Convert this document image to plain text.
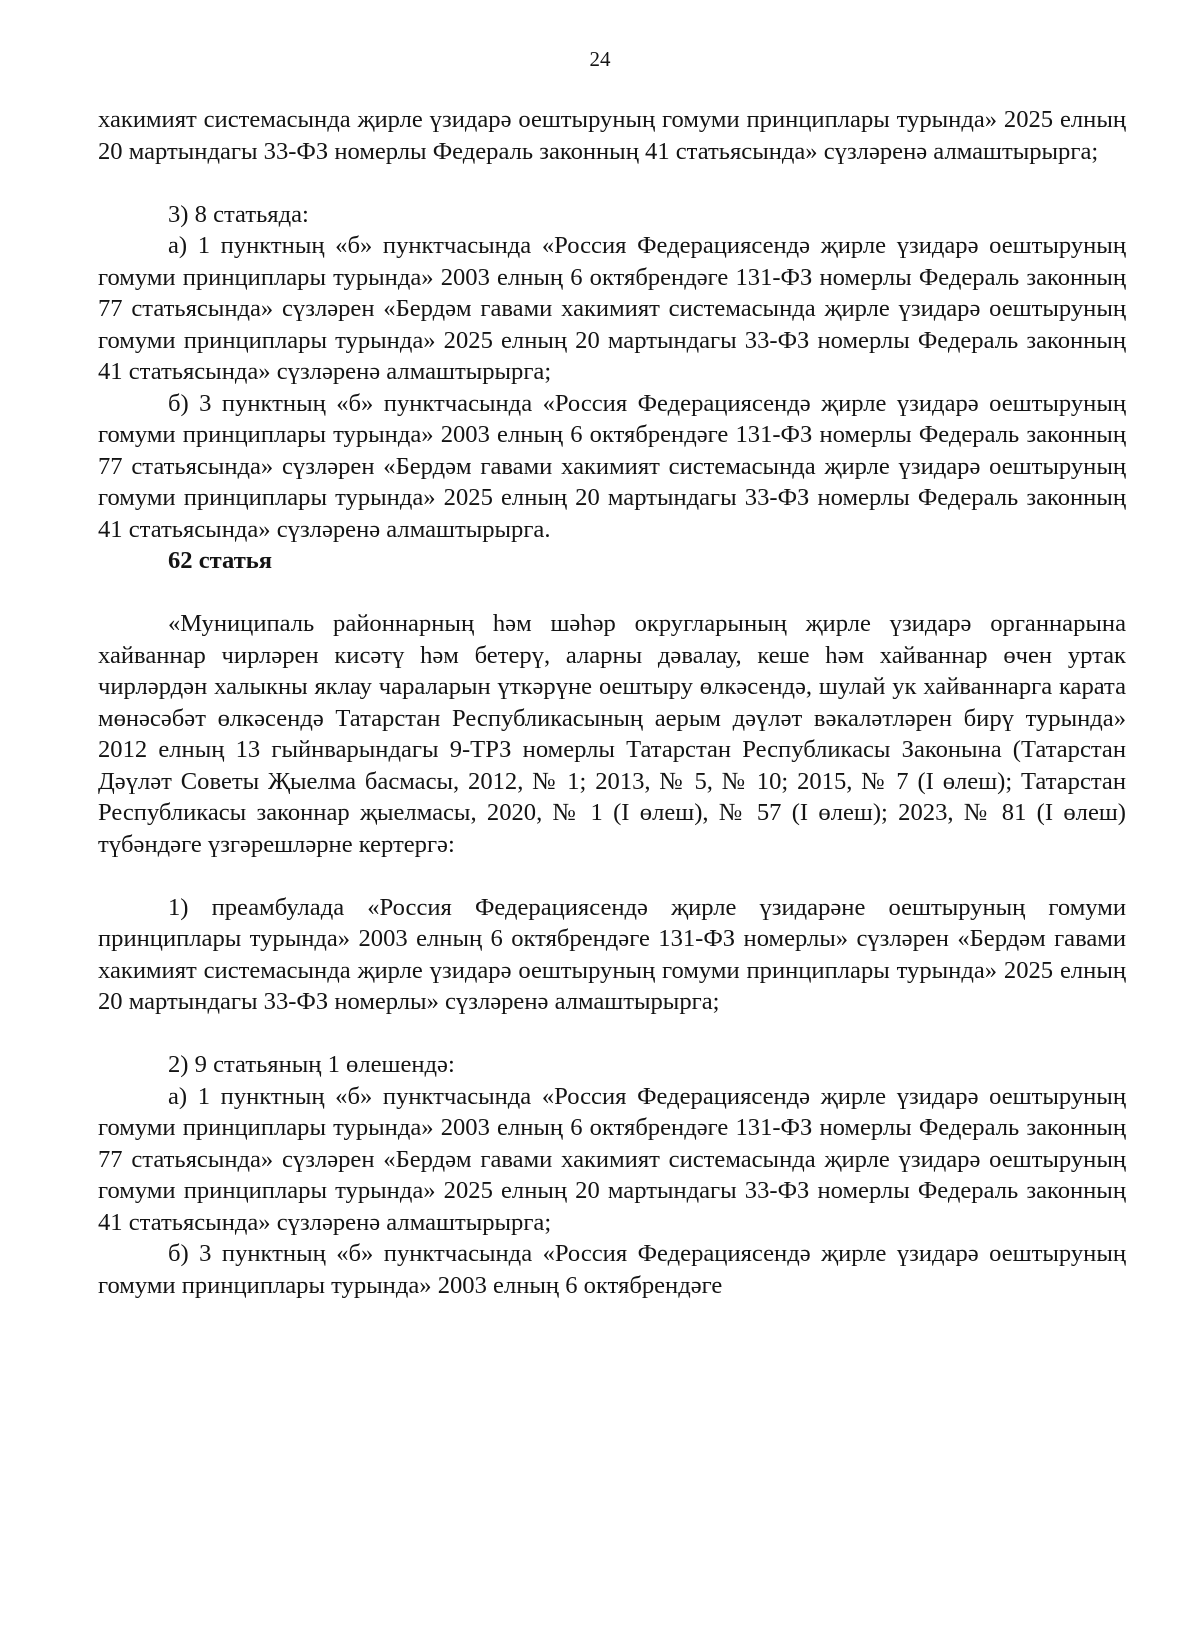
24

хакимият системасында җирле үзидарә оештыруның гомуми принциплары турында» 2025 елның 20 мартындагы 33-ФЗ номерлы Федераль законның 41 статьясында» сүзләренә алмаштырырга;

3) 8 статьяда:

а) 1 пунктның «б» пунктчасында «Россия Федерациясендә җирле үзидарә оештыруның гомуми принциплары турында» 2003 елның 6 октябрендәге 131-ФЗ номерлы Федераль законның 77 статьясында» сүзләрен «Бердәм гавами хакимият системасында җирле үзидарә оештыруның гомуми принциплары турында» 2025 елның 20 мартындагы 33-ФЗ номерлы Федераль законның 41 статьясында» сүзләренә алмаштырырга;

б) 3 пунктның «б» пунктчасында «Россия Федерациясендә җирле үзидарә оештыруның гомуми принциплары турында» 2003 елның 6 октябрендәге 131-ФЗ номерлы Федераль законның 77 статьясында» сүзләрен «Бердәм гавами хакимият системасында җирле үзидарә оештыруның гомуми принциплары турында» 2025 елның 20 мартындагы 33-ФЗ номерлы Федераль законның 41 статьясында» сүзләренә алмаштырырга.

62 статья

«Муниципаль районнарның һәм шәһәр округларының җирле үзидарә органнарына хайваннар чирләрен кисәтү һәм бетерү, аларны дәвалау, кеше һәм хайваннар өчен уртак чирләрдән халыкны яклау чараларын үткәрүне оештыру өлкәсендә, шулай ук хайваннарга карата мөнәсәбәт өлкәсендә Татарстан Республикасының аерым дәүләт вәкаләтләрен бирү турында» 2012 елның 13 гыйнварындагы 9-ТРЗ номерлы Татарстан Республикасы Законына (Татарстан Дәүләт Советы Җыелма басмасы, 2012, № 1; 2013, № 5, № 10; 2015, № 7 (I өлеш); Татарстан Республикасы законнар җыелмасы, 2020, № 1 (I өлеш), № 57 (I өлеш); 2023, № 81 (I өлеш) түбәндәге үзгәрешләрне кертергә:

1) преамбулада «Россия Федерациясендә җирле үзидарәне оештыруның гомуми принциплары турында» 2003 елның 6 октябрендәге 131-ФЗ номерлы» сүзләрен «Бердәм гавами хакимият системасында җирле үзидарә оештыруның гомуми принциплары турында» 2025 елның 20 мартындагы 33-ФЗ номерлы» сүзләренә алмаштырырга;

2) 9 статьяның 1 өлешендә:

а) 1 пунктның «б» пунктчасында «Россия Федерациясендә җирле үзидарә оештыруның гомуми принциплары турында» 2003 елның 6 октябрендәге 131-ФЗ номерлы Федераль законның 77 статьясында» сүзләрен «Бердәм гавами хакимият системасында җирле үзидарә оештыруның гомуми принциплары турында» 2025 елның 20 мартындагы 33-ФЗ номерлы Федераль законның 41 статьясында» сүзләренә алмаштырырга;

б) 3 пунктның «б» пунктчасында «Россия Федерациясендә җирле үзидарә оештыруның гомуми принциплары турында» 2003 елның 6 октябрендәге
